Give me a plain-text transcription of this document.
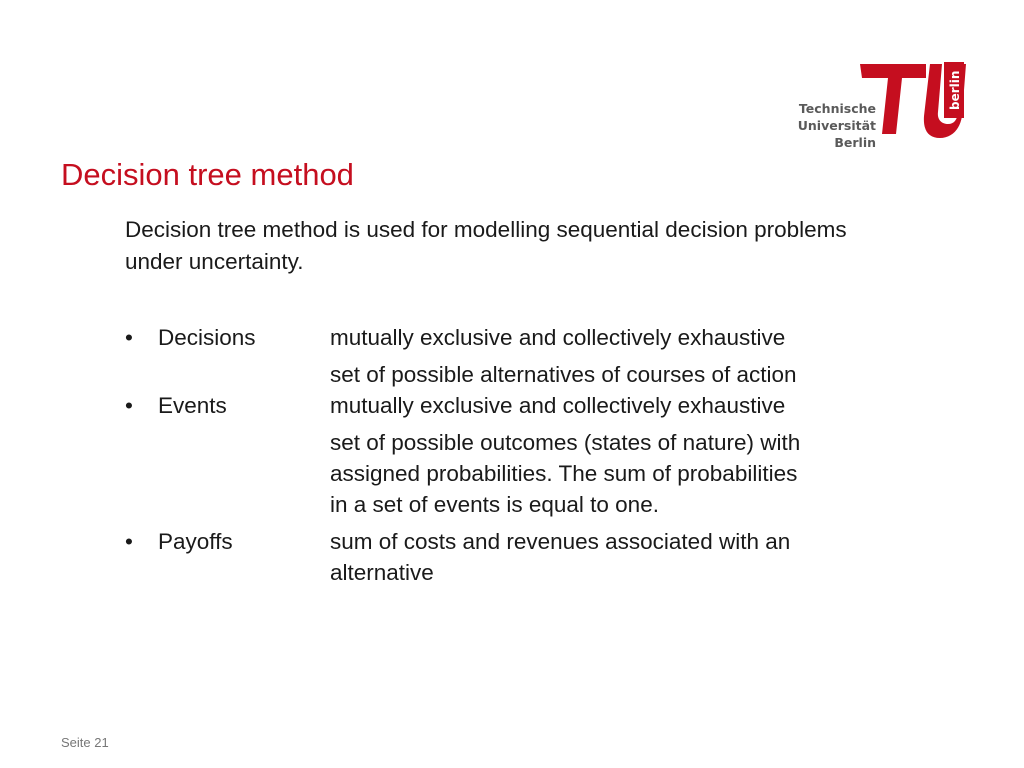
Technische
Universität
Berlin
berlin
Decision tree method

Decision tree method is used for modelling sequential decision problems under uncertainty.

•	Decisions	mutually exclusive and collectively exhaustive
set of possible alternatives of courses of action
•	Events	mutually exclusive and collectively exhaustive
set of possible outcomes (states of nature) with
assigned probabilities. The sum of probabilities
in a set of events is equal to one.
•	Payoffs	sum of costs and revenues associated with an
alternative
Seite 21
